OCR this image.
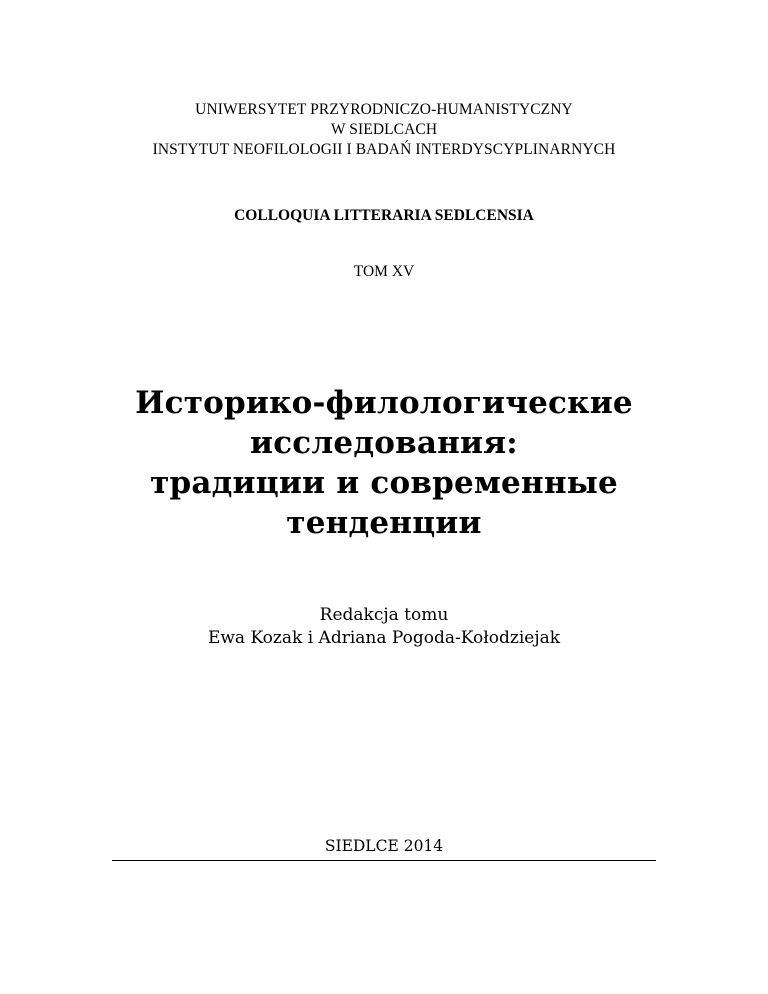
UNIWERSYTET PRZYRODNICZO-HUMANISTYCZNY
W SIEDLCACH
INSTYTUT NEOFILOLOGII I BADAŃ INTERDYSCYPLINARNYCH
COLLOQUIA LITTERARIA SEDLCENSIA
TOM XV
Историко-филологические
исследования:
традиции и современные
тенденции
Redakcja tomu
Ewa Kozak i Adriana Pogoda-Kołodziejak
SIEDLCE 2014
